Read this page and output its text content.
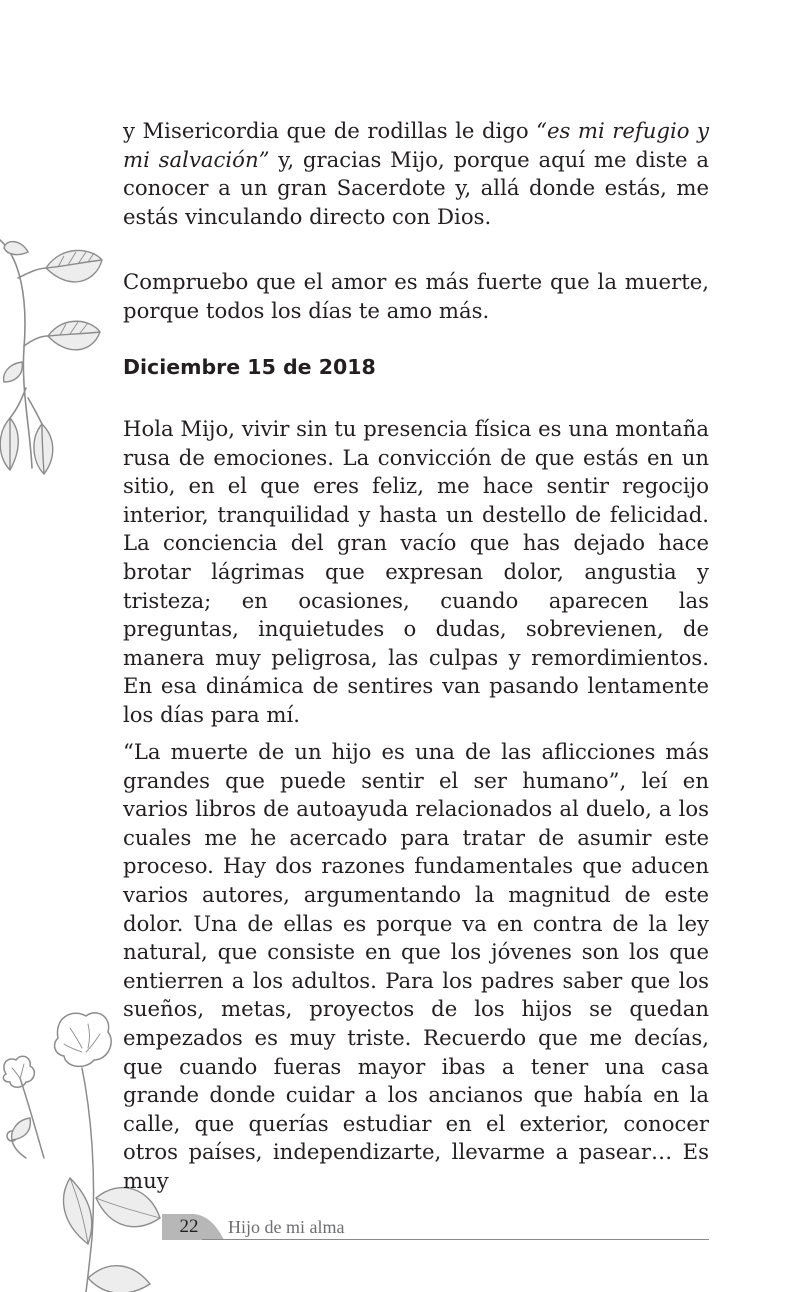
y Misericordia que de rodillas le digo “es mi refugio y mi salvación” y, gracias Mijo, porque aquí me diste a conocer a un gran Sacerdote y, allá donde estás, me estás vinculando directo con Dios.

Compruebo que el amor es más fuerte que la muerte, porque todos los días te amo más.

Diciembre 15 de 2018

Hola Mijo, vivir sin tu presencia física es una montaña rusa de emociones. La convicción de que estás en un sitio, en el que eres feliz, me hace sentir regocijo interior, tranquilidad y hasta un destello de felicidad. La conciencia del gran vacío que has dejado hace brotar lágrimas que expresan dolor, angustia y tristeza; en ocasiones, cuando aparecen las preguntas, inquietudes o dudas, sobrevienen, de manera muy peligrosa, las culpas y remordimientos. En esa dinámica de sentires van pasando lentamente los días para mí.

“La muerte de un hijo es una de las aflicciones más grandes que puede sentir el ser humano”, leí en varios libros de autoayuda relacionados al duelo, a los cuales me he acercado para tratar de asumir este proceso. Hay dos razones fundamentales que aducen varios autores, argumentando la magnitud de este dolor. Una de ellas es porque va en contra de la ley natural, que consiste en que los jóvenes son los que entierren a los adultos. Para los padres saber que los sueños, metas, proyectos de los hijos se quedan empezados es muy triste. Recuerdo que me decías, que cuando fueras mayor ibas a tener una casa grande donde cuidar a los ancianos que había en la calle, que querías estudiar en el exterior, conocer otros países, independizarte, llevarme a pasear… Es muy

22	Hijo de mi alma
